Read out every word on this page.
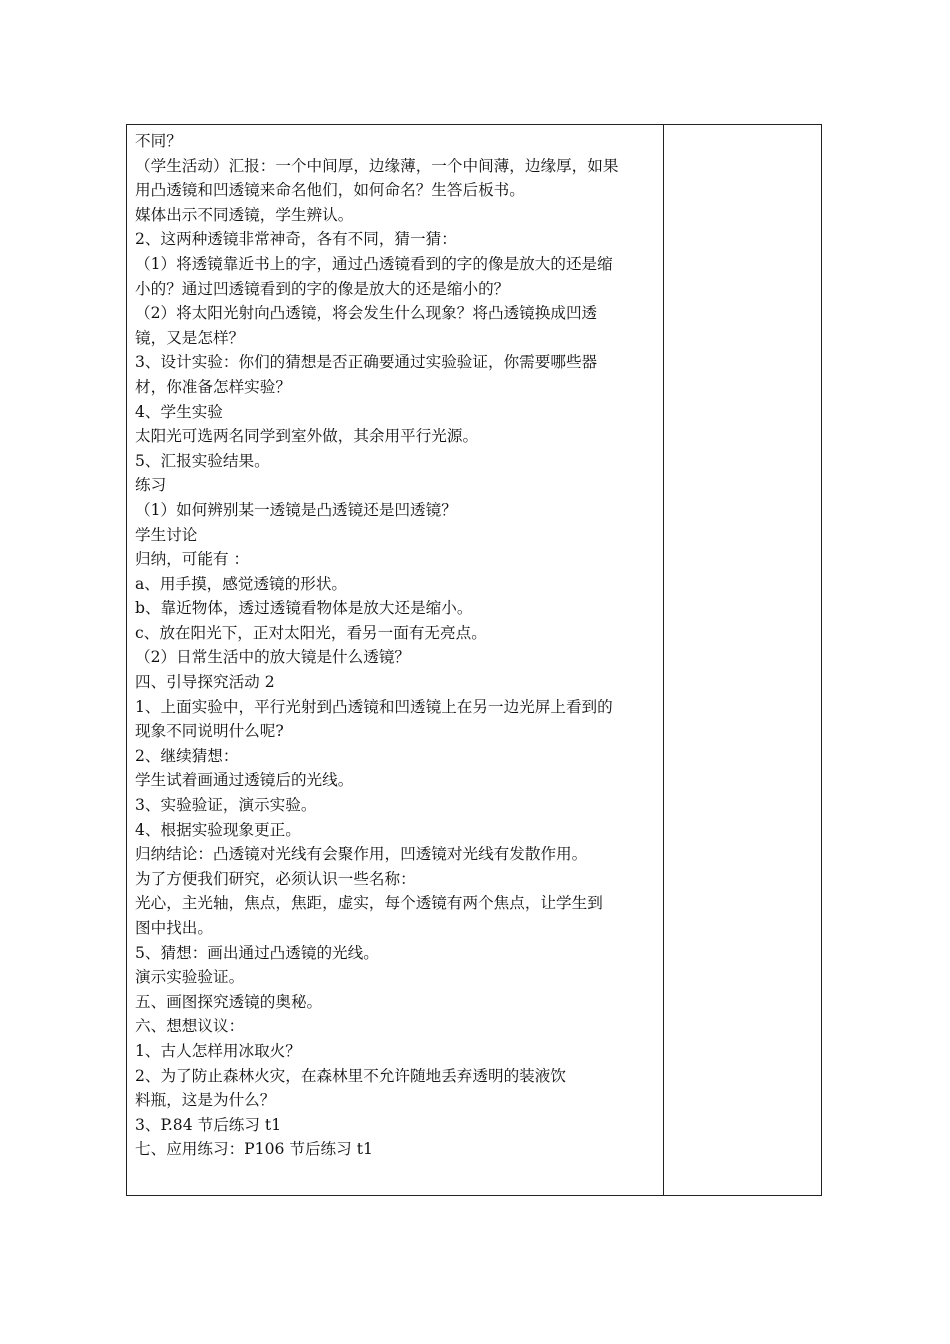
不同？
（学生活动）汇报：一个中间厚，边缘薄，一个中间薄，边缘厚，如果
用凸透镜和凹透镜来命名他们，如何命名？生答后板书。
媒体出示不同透镜，学生辨认。
2、这两种透镜非常神奇，各有不同，猜一猜：
（1）将透镜靠近书上的字，通过凸透镜看到的字的像是放大的还是缩
小的？通过凹透镜看到的字的像是放大的还是缩小的？
（2）将太阳光射向凸透镜，将会发生什么现象？将凸透镜换成凹透
镜，又是怎样？
3、设计实验：你们的猜想是否正确要通过实验验证，你需要哪些器
材，你准备怎样实验？
4、学生实验
太阳光可选两名同学到室外做，其余用平行光源。
5、汇报实验结果。
练习
（1）如何辨别某一透镜是凸透镜还是凹透镜？
学生讨论
归纳，可能有 ：
a、用手摸，感觉透镜的形状。
b、靠近物体，透过透镜看物体是放大还是缩小。
c、放在阳光下，正对太阳光，看另一面有无亮点。
（2）日常生活中的放大镜是什么透镜？
四、引导探究活动 2
1、上面实验中，平行光射到凸透镜和凹透镜上在另一边光屏上看到的
现象不同说明什么呢?
2、继续猜想：
学生试着画通过透镜后的光线。
3、实验验证，演示实验。
4、根据实验现象更正。
归纳结论：凸透镜对光线有会聚作用，凹透镜对光线有发散作用。
为了方便我们研究，必须认识一些名称：
光心，主光轴，焦点，焦距，虚实，每个透镜有两个焦点，让学生到
图中找出。
5、猜想：画出通过凸透镜的光线。
演示实验验证。
五、画图探究透镜的奥秘。
六、想想议议：
1、古人怎样用冰取火？
2、为了防止森林火灾，在森林里不允许随地丢弃透明的装液饮
料瓶，这是为什么？
3、P.84 节后练习 t1
七、应用练习：P106 节后练习 t1
